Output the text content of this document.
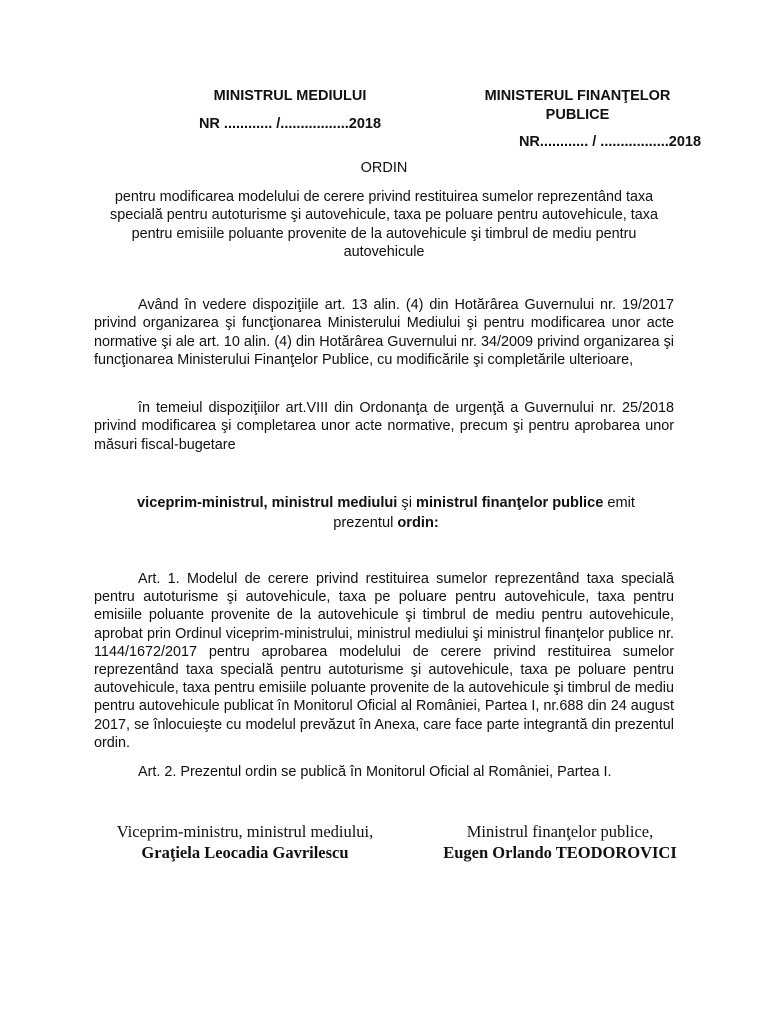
MINISTRUL MEDIULUI
NR ............ /.................2018
MINISTERUL FINANŢELOR
PUBLICE
NR............ / .................2018
ORDIN
pentru modificarea modelului de cerere privind restituirea sumelor reprezentând taxa specială pentru autoturisme şi autovehicule, taxa pe poluare pentru autovehicule, taxa pentru emisiile poluante provenite de la autovehicule şi timbrul de mediu pentru autovehicule
Având în vedere dispoziţiile art. 13 alin. (4) din Hotărârea Guvernului nr. 19/2017 privind organizarea şi funcţionarea Ministerului Mediului şi pentru modificarea unor acte normative şi ale art. 10 alin. (4) din Hotărârea Guvernului nr. 34/2009 privind organizarea şi funcţionarea Ministerului Finanţelor Publice, cu modificările şi completările ulterioare,
în temeiul dispoziţiilor art.VIII din Ordonanţa de urgenţă a Guvernului nr. 25/2018 privind modificarea şi completarea unor acte normative, precum şi pentru aprobarea unor măsuri fiscal-bugetare
viceprim-ministrul, ministrul mediului şi ministrul finanţelor publice emit prezentul ordin:
Art. 1. Modelul de cerere privind restituirea sumelor reprezentând taxa specială pentru autoturisme şi autovehicule, taxa pe poluare pentru autovehicule, taxa pentru emisiile poluante provenite de la autovehicule şi timbrul de mediu pentru autovehicule, aprobat prin Ordinul viceprim-ministrului, ministrul mediului şi ministrul finanţelor publice nr. 1144/1672/2017 pentru aprobarea modelului de cerere privind restituirea sumelor reprezentând taxa specială pentru autoturisme şi autovehicule, taxa pe poluare pentru autovehicule, taxa pentru emisiile poluante provenite de la autovehicule şi timbrul de mediu pentru autovehicule publicat în Monitorul Oficial al României, Partea I, nr.688 din 24 august 2017, se înlocuieşte cu modelul prevăzut în Anexa, care face parte integrantă din prezentul ordin.
Art. 2. Prezentul ordin se publică în Monitorul Oficial al României, Partea I.
Viceprim-ministru, ministrul mediului,
Graţiela Leocadia Gavrilescu
Ministrul finanţelor publice,
Eugen Orlando TEODOROVICI
